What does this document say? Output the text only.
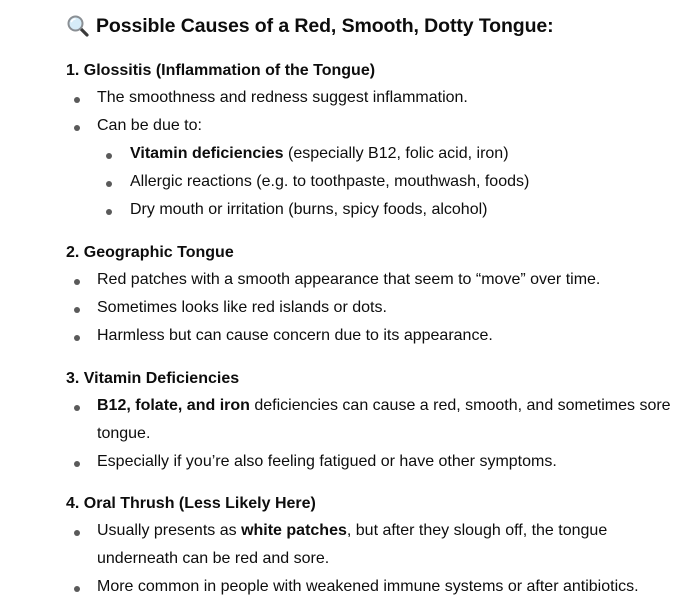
Possible Causes of a Red, Smooth, Dotty Tongue:
1. Glossitis (Inflammation of the Tongue)
The smoothness and redness suggest inflammation.
Can be due to:
Vitamin deficiencies (especially B12, folic acid, iron)
Allergic reactions (e.g. to toothpaste, mouthwash, foods)
Dry mouth or irritation (burns, spicy foods, alcohol)
2. Geographic Tongue
Red patches with a smooth appearance that seem to “move” over time.
Sometimes looks like red islands or dots.
Harmless but can cause concern due to its appearance.
3. Vitamin Deficiencies
B12, folate, and iron deficiencies can cause a red, smooth, and sometimes sore
tongue.
Especially if you’re also feeling fatigued or have other symptoms.
4. Oral Thrush (Less Likely Here)
Usually presents as white patches, but after they slough off, the tongue
underneath can be red and sore.
More common in people with weakened immune systems or after antibiotics.
